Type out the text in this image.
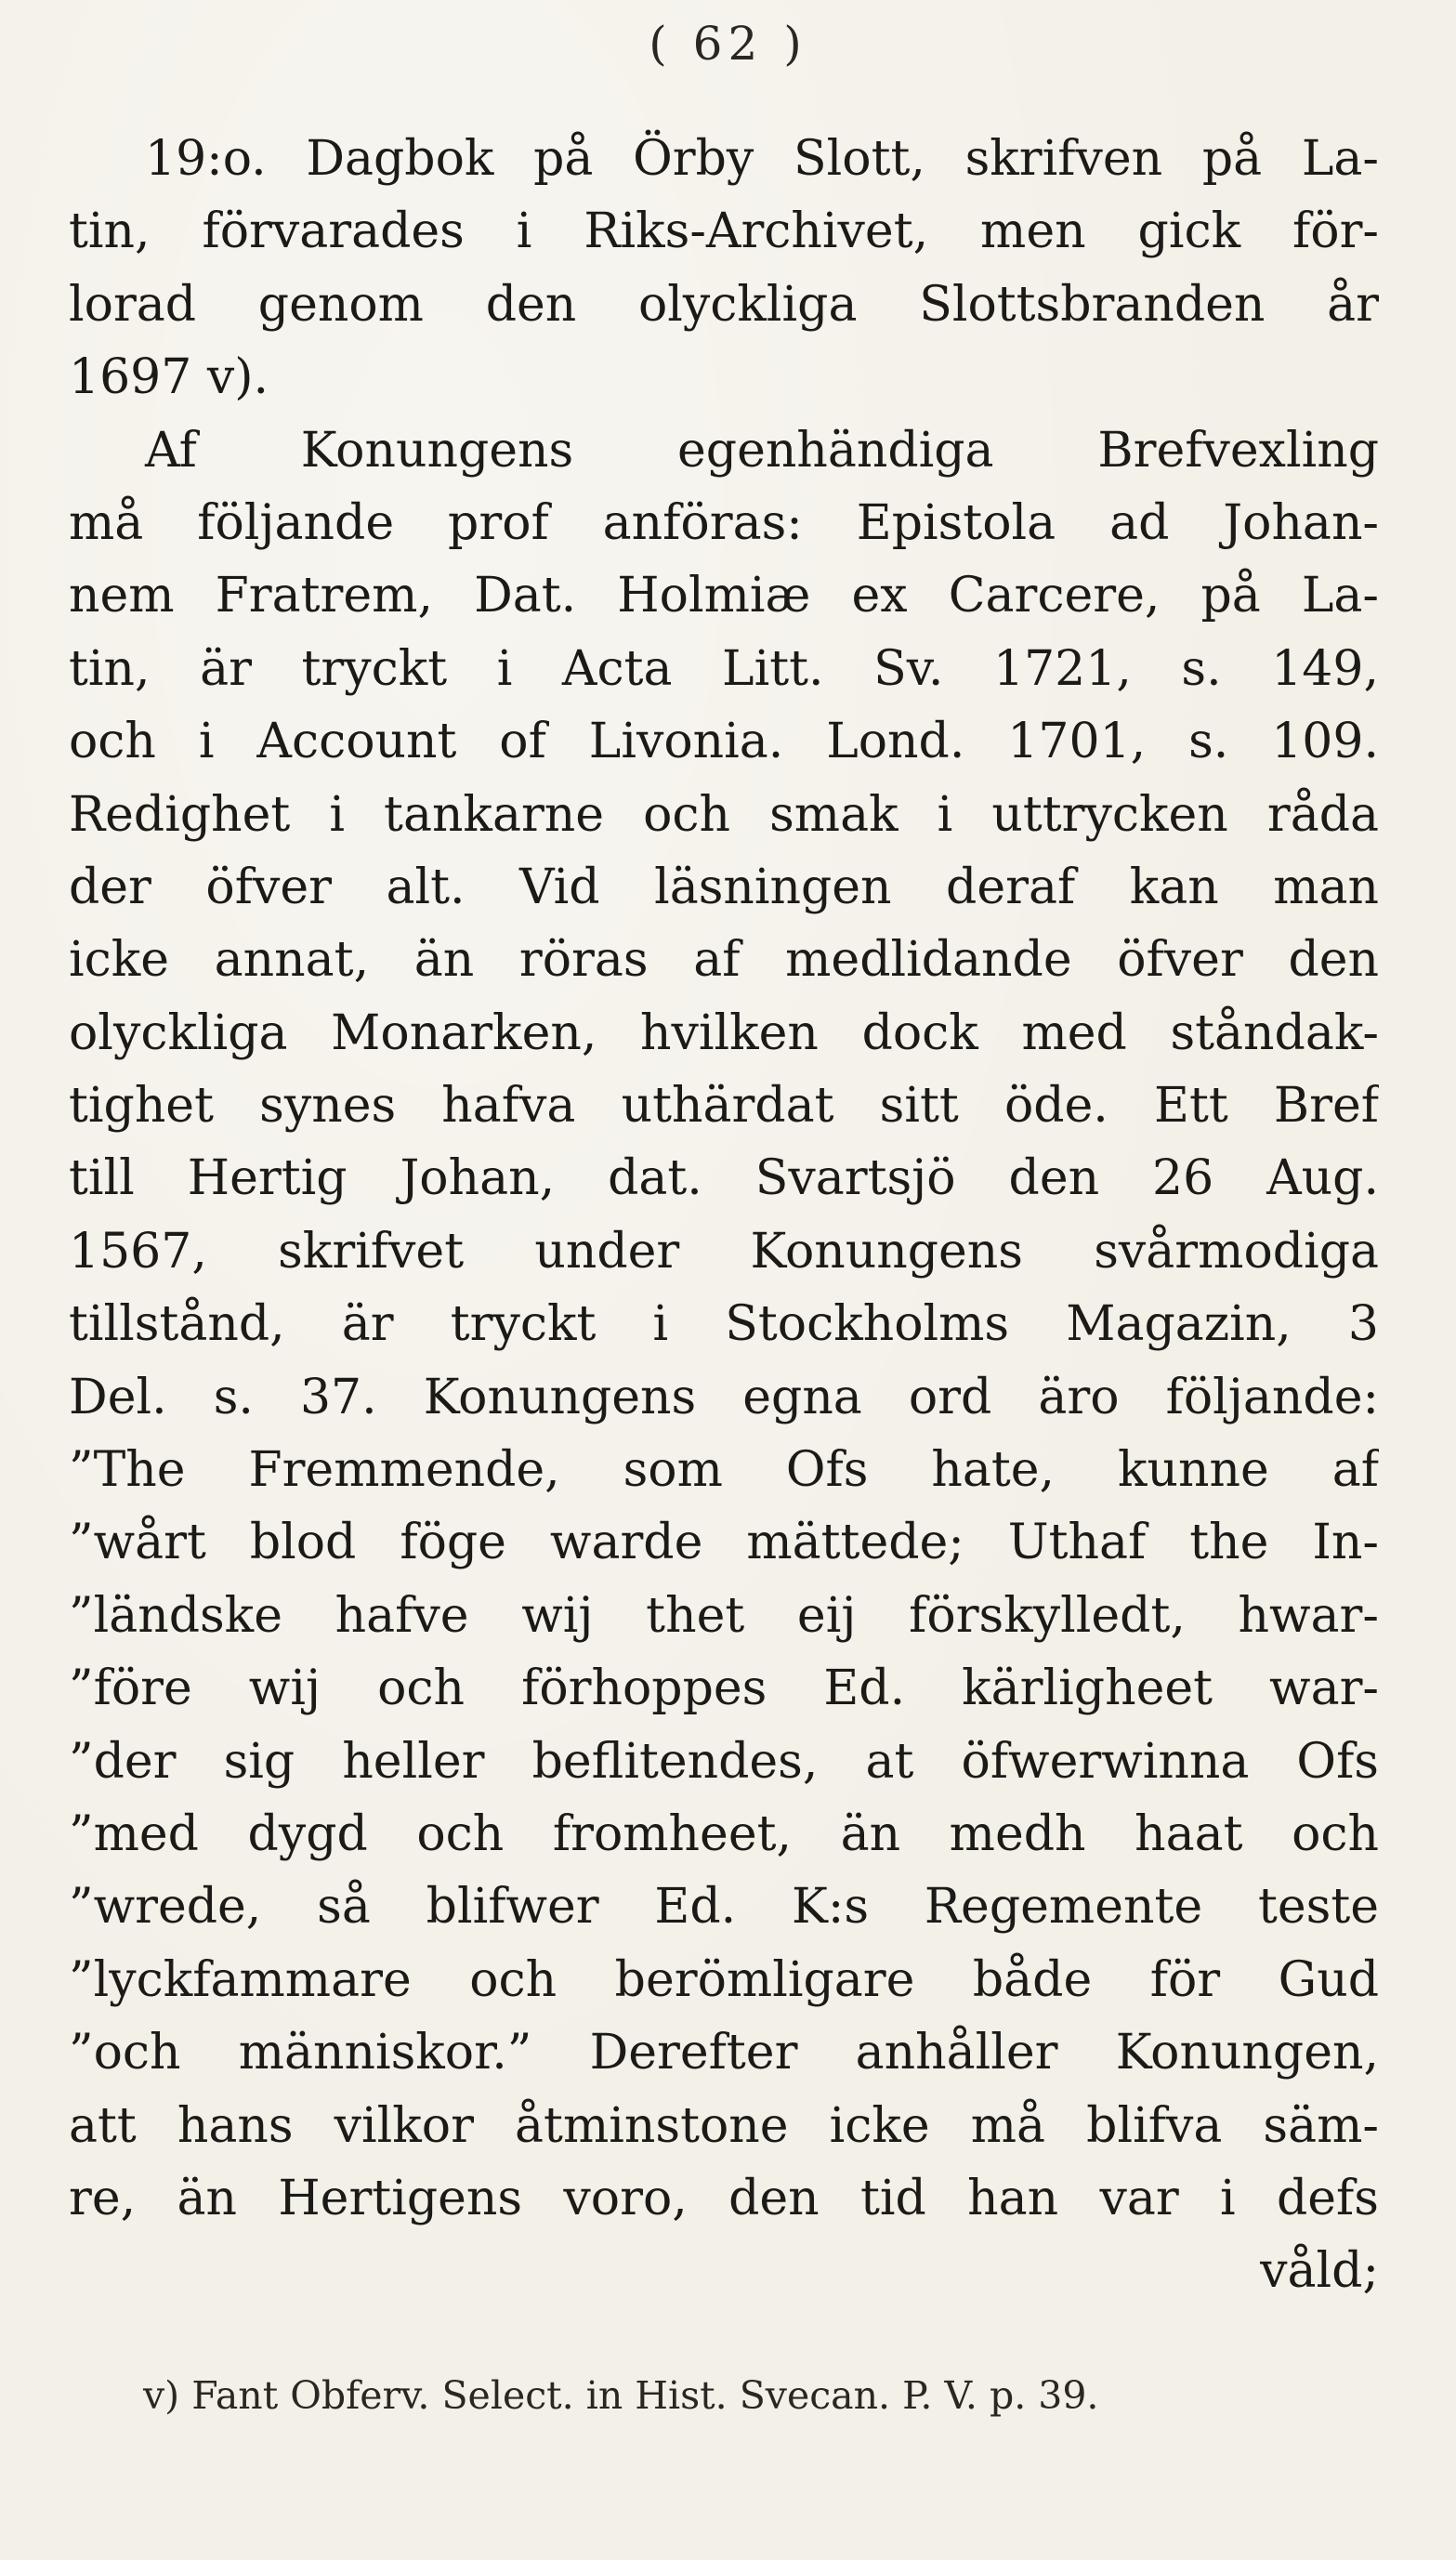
( 62 )
19:o. Dagbok på Örby Slott, skrifven på La-
tin, förvarades i Riks-Archivet, men gick för-
lorad genom den olyckliga Slottsbranden år
1697 v).
Af Konungens egenhändiga Brefvexling
må följande prof anföras: Epistola ad Johan-
nem Fratrem, Dat. Holmiæ ex Carcere, på La-
tin, är tryckt i Acta Litt. Sv. 1721, s. 149,
och i Account of Livonia. Lond. 1701, s. 109.
Redighet i tankarne och smak i uttrycken råda
der öfver alt. Vid läsningen deraf kan man
icke annat, än röras af medlidande öfver den
olyckliga Monarken, hvilken dock med ståndak-
tighet synes hafva uthärdat sitt öde. Ett Bref
till Hertig Johan, dat. Svartsjö den 26 Aug.
1567, skrifvet under Konungens svårmodiga
tillstånd, är tryckt i Stockholms Magazin, 3
Del. s. 37. Konungens egna ord äro följande:
”The Fremmende, som Ofs hate, kunne af
”wårt blod föge warde mättede; Uthaf the In-
”ländske hafve wij thet eij förskylledt, hwar-
”före wij och förhoppes Ed. kärligheet war-
”der sig heller beflitendes, at öfwerwinna Ofs
”med dygd och fromheet, än medh haat och
”wrede, så blifwer Ed. K:s Regemente teste
”lyckfammare och berömligare både för Gud
”och människor.” Derefter anhåller Konungen,
att hans vilkor åtminstone icke må blifva säm-
re, än Hertigens voro, den tid han var i defs
våld;
v) Fant Obferv. Select. in Hist. Svecan. P. V. p. 39.
